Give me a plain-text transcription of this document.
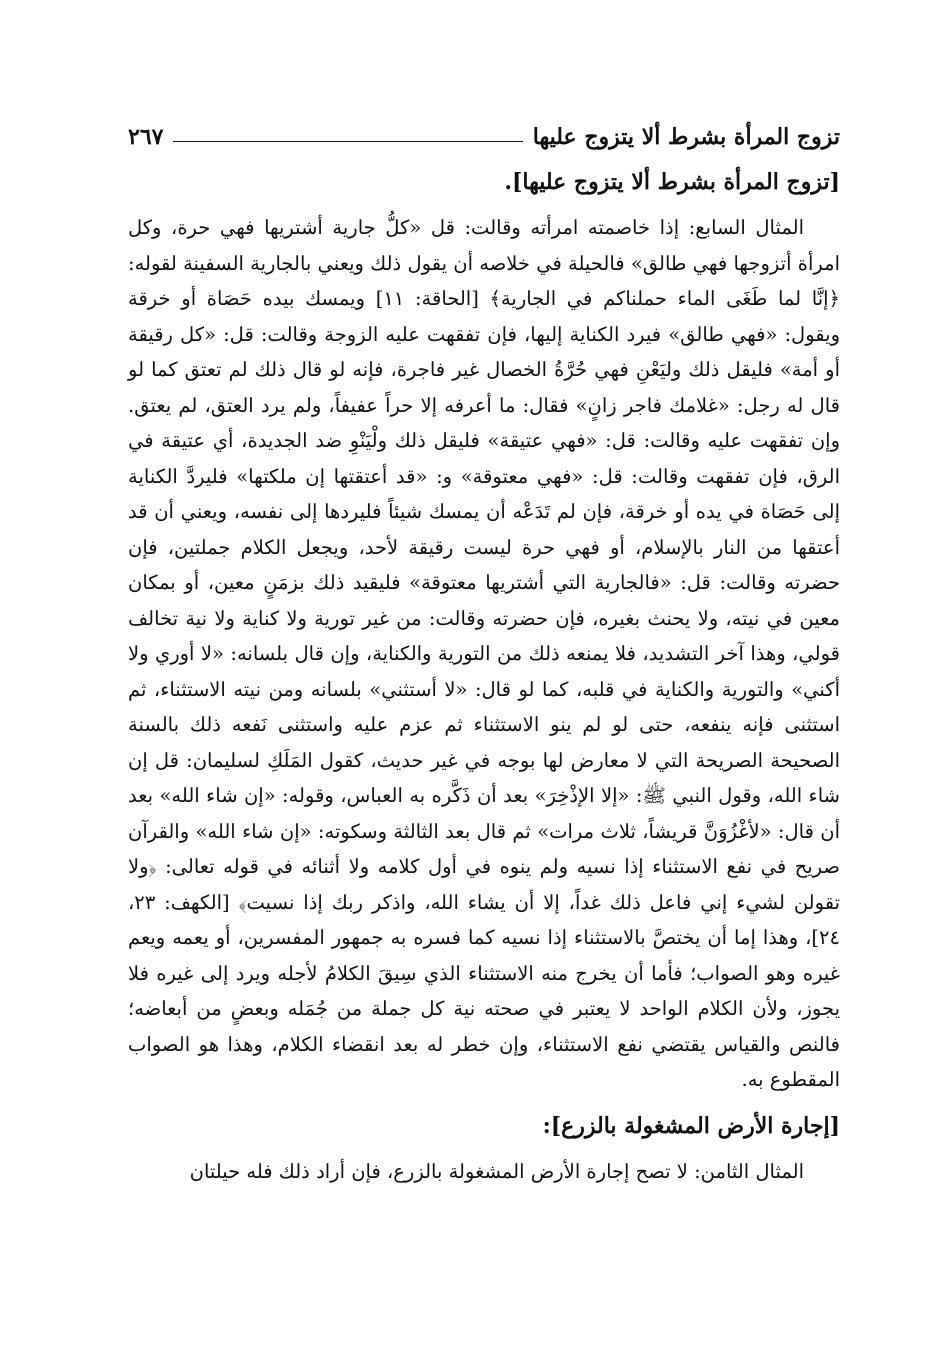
تزوج المرأة بشرط ألا يتزوج عليها
٢٦٧
[تزوج المرأة بشرط ألا يتزوج عليها].

المثال السابع: إذا خاصمته امرأته وقالت: قل «كلُّ جارية أشتريها فهي حرة، وكل امرأة أتزوجها فهي طالق» فالحيلة في خلاصه أن يقول ذلك ويعني بالجارية السفينة لقوله: ﴿إنَّا لما طَغَى الماء حملناكم في الجارية﴾ [الحاقة: ١١] ويمسك بيده حَصَاة أو خرقة ويقول: «فهي طالق» فيرد الكناية إليها، فإن تفقهت عليه الزوجة وقالت: قل: «كل رقيقة أو أمة» فليقل ذلك وليَعْنِ فهي حُرَّةُ الخصال غير فاجرة، فإنه لو قال ذلك لم تعتق كما لو قال له رجل: «غلامك فاجر زانٍ» فقال: ما أعرفه إلا حراً عفيفاً، ولم يرد العتق، لم يعتق. وإن تفقهت عليه وقالت: قل: «فهي عتيقة» فليقل ذلك ولْيَنْوِ ضد الجديدة، أي عتيقة في الرق، فإن تفقهت وقالت: قل: «فهي معتوقة» و: «قد أعتقتها إن ملكتها» فليردَّ الكناية إلى حَصَاة في يده أو خرقة، فإن لم تَدَعْه أن يمسك شيئاً فليردها إلى نفسه، ويعني أن قد أعتقها من النار بالإسلام، أو فهي حرة ليست رقيقة لأحد، ويجعل الكلام جملتين، فإن حضرته وقالت: قل: «فالجارية التي أشتريها معتوقة» فليقيد ذلك بزمَنٍ معين، أو بمكان معين في نيته، ولا يحنث بغيره، فإن حضرته وقالت: من غير تورية ولا كناية ولا نية تخالف قولي، وهذا آخر التشديد، فلا يمنعه ذلك من التورية والكناية، وإن قال بلسانه: «لا أوري ولا أكني» والتورية والكناية في قلبه، كما لو قال: «لا أستثني» بلسانه ومن نيته الاستثناء، ثم استثنى فإنه ينفعه، حتى لو لم ينو الاستثناء ثم عزم عليه واستثنى نَفعه ذلك بالسنة الصحيحة الصريحة التي لا معارض لها بوجه في غير حديث، كقول المَلَكِ لسليمان: قل إن شاء الله، وقول النبي ﷺ: «إلا الإذْخِرَ» بعد أن ذَكَّره به العباس، وقوله: «إن شاء الله» بعد أن قال: «لأغْزُوَنَّ قريشاً، ثلاث مرات» ثم قال بعد الثالثة وسكوته: «إن شاء الله» والقرآن صريح في نفع الاستثناء إذا نسيه ولم ينوه في أول كلامه ولا أثنائه في قوله تعالى: ﴿ولا تقولن لشيء إني فاعل ذلك غداً، إلا أن يشاء الله، واذكر ربك إذا نسيت﴾ [الكهف: ٢٣، ٢٤]، وهذا إما أن يختصَّ بالاستثناء إذا نسيه كما فسره به جمهور المفسرين، أو يعمه ويعم غيره وهو الصواب؛ فأما أن يخرج منه الاستثناء الذي سِيقَ الكلامُ لأجله ويرد إلى غيره فلا يجوز، ولأن الكلام الواحد لا يعتبر في صحته نية كل جملة من جُمَله وبعضٍ من أبعاضه؛ فالنص والقياس يقتضي نفع الاستثناء، وإن خطر له بعد انقضاء الكلام، وهذا هو الصواب المقطوع به.

[إجارة الأرض المشغولة بالزرع]:

المثال الثامن: لا تصح إجارة الأرض المشغولة بالزرع، فإن أراد ذلك فله حيلتان
